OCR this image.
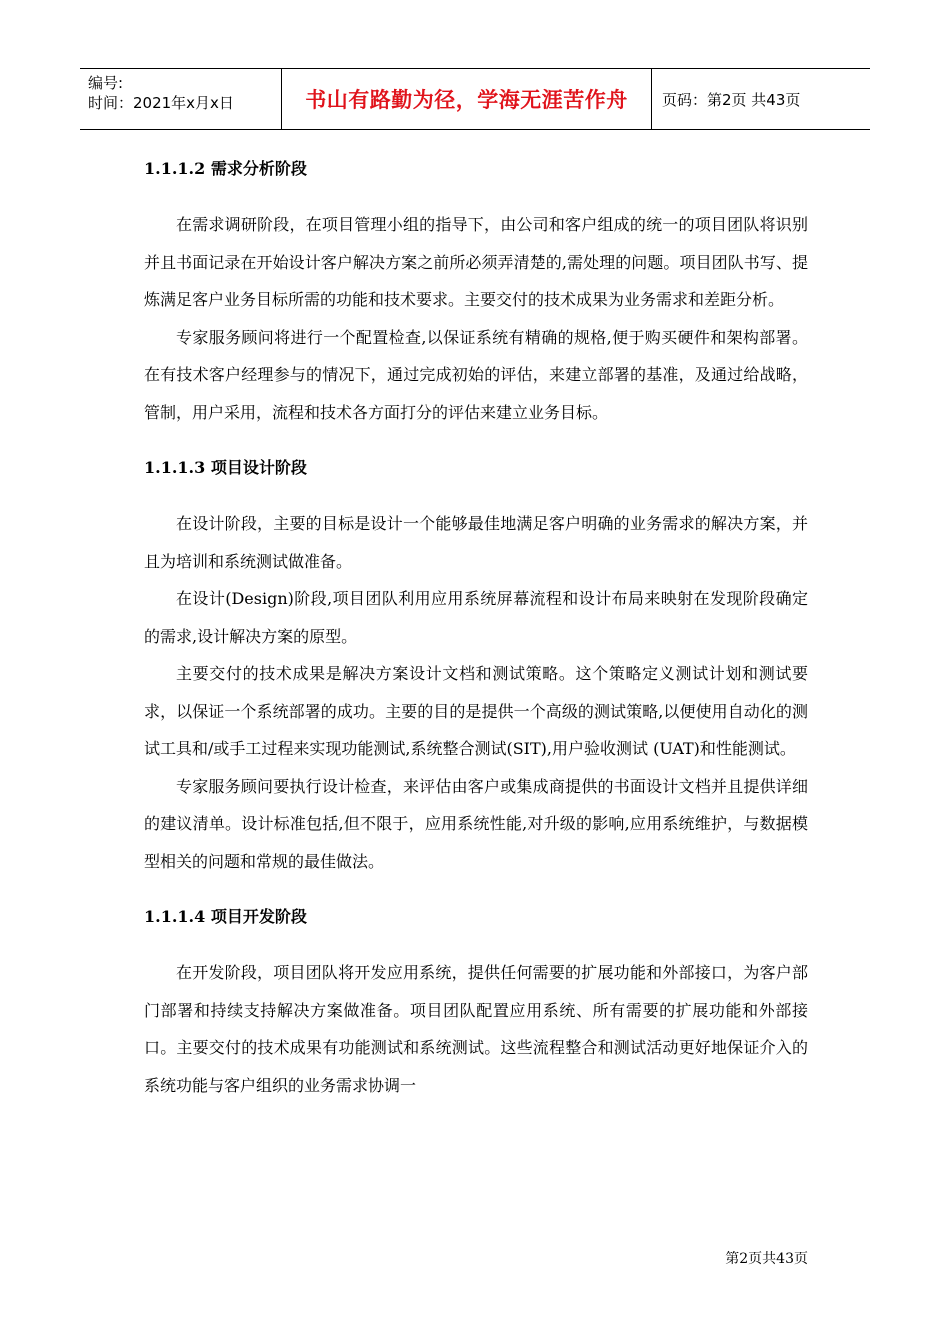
编号:
时间：2021年x月x日	书山有路勤为径，学海无涯苦作舟	页码：第2页 共43页
1.1.1.2 需求分析阶段

在需求调研阶段，在项目管理小组的指导下，由公司和客户组成的统一的项目团队将识别并且书面记录在开始设计客户解决方案之前所必须弄清楚的,需处理的问题。项目团队书写、提炼满足客户业务目标所需的功能和技术要求。主要交付的技术成果为业务需求和差距分析。

专家服务顾问将进行一个配置检查,以保证系统有精确的规格,便于购买硬件和架构部署。在有技术客户经理参与的情况下，通过完成初始的评估，来建立部署的基准，及通过给战略，管制，用户采用，流程和技术各方面打分的评估来建立业务目标。

1.1.1.3 项目设计阶段

在设计阶段，主要的目标是设计一个能够最佳地满足客户明确的业务需求的解决方案，并且为培训和系统测试做准备。

在设计(Design)阶段,项目团队利用应用系统屏幕流程和设计布局来映射在发现阶段确定的需求,设计解决方案的原型。

主要交付的技术成果是解决方案设计文档和测试策略。这个策略定义测试计划和测试要求，以保证一个系统部署的成功。主要的目的是提供一个高级的测试策略,以便使用自动化的测试工具和/或手工过程来实现功能测试,系统整合测试(SIT),用户验收测试 (UAT)和性能测试。

专家服务顾问要执行设计检查，来评估由客户或集成商提供的书面设计文档并且提供详细的建议清单。设计标准包括,但不限于，应用系统性能,对升级的影响,应用系统维护，与数据模型相关的问题和常规的最佳做法。

1.1.1.4 项目开发阶段

在开发阶段，项目团队将开发应用系统，提供任何需要的扩展功能和外部接口，为客户部门部署和持续支持解决方案做准备。项目团队配置应用系统、所有需要的扩展功能和外部接口。主要交付的技术成果有功能测试和系统测试。这些流程整合和测试活动更好地保证介入的系统功能与客户组织的业务需求协调一

第2页共43页
